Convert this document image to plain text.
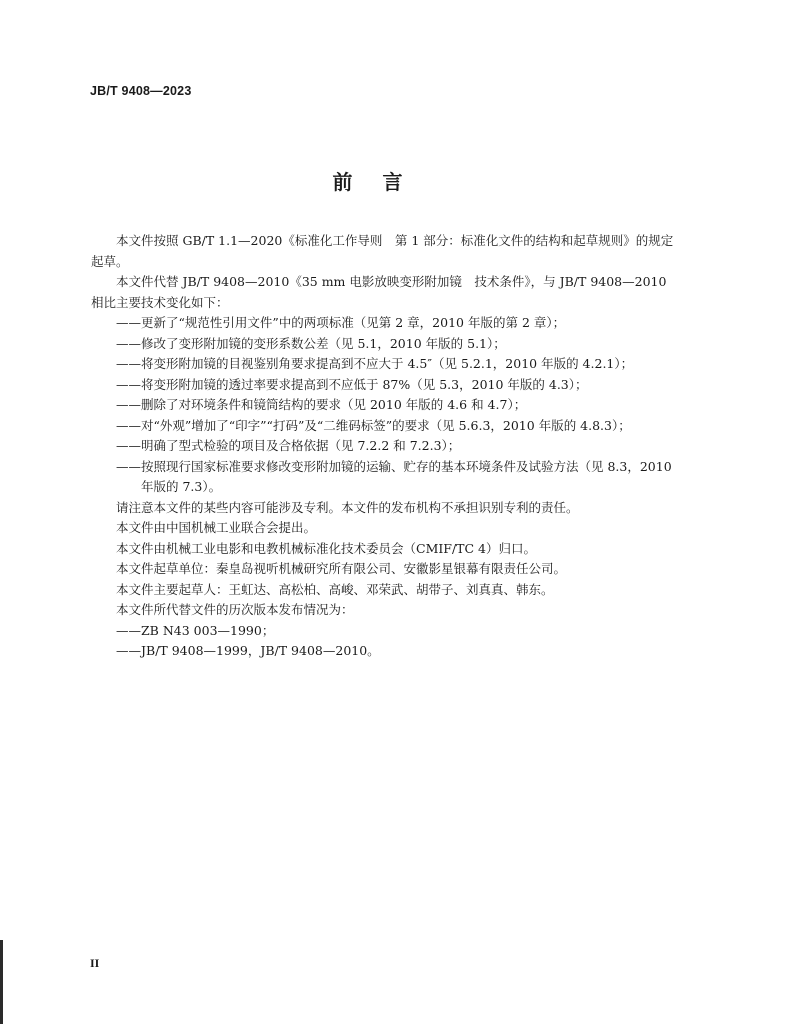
JB/T 9408—2023
前言

本文件按照 GB/T 1.1—2020《标准化工作导则　第 1 部分：标准化文件的结构和起草规则》的规定起草。

本文件代替 JB/T 9408—2010《35 mm 电影放映变形附加镜　技术条件》，与 JB/T 9408—2010 相比主要技术变化如下：

——更新了“规范性引用文件”中的两项标准（见第 2 章，2010 年版的第 2 章）；

——修改了变形附加镜的变形系数公差（见 5.1，2010 年版的 5.1）；

——将变形附加镜的目视鉴别角要求提高到不应大于 4.5″（见 5.2.1，2010 年版的 4.2.1）；

——将变形附加镜的透过率要求提高到不应低于 87%（见 5.3，2010 年版的 4.3）；

——删除了对环境条件和镜筒结构的要求（见 2010 年版的 4.6 和 4.7）；

——对“外观”增加了“印字”“打码”及“二维码标签”的要求（见 5.6.3，2010 年版的 4.8.3）；

——明确了型式检验的项目及合格依据（见 7.2.2 和 7.2.3）；

——按照现行国家标准要求修改变形附加镜的运输、贮存的基本环境条件及试验方法（见 8.3，2010 年版的 7.3）。

请注意本文件的某些内容可能涉及专利。本文件的发布机构不承担识别专利的责任。

本文件由中国机械工业联合会提出。

本文件由机械工业电影和电教机械标准化技术委员会（CMIF/TC 4）归口。

本文件起草单位：秦皇岛视听机械研究所有限公司、安徽影星银幕有限责任公司。

本文件主要起草人：王虹达、高松柏、高峻、邓荣武、胡带子、刘真真、韩东。

本文件所代替文件的历次版本发布情况为：

——ZB N43 003—1990；

——JB/T 9408—1999，JB/T 9408—2010。

II
